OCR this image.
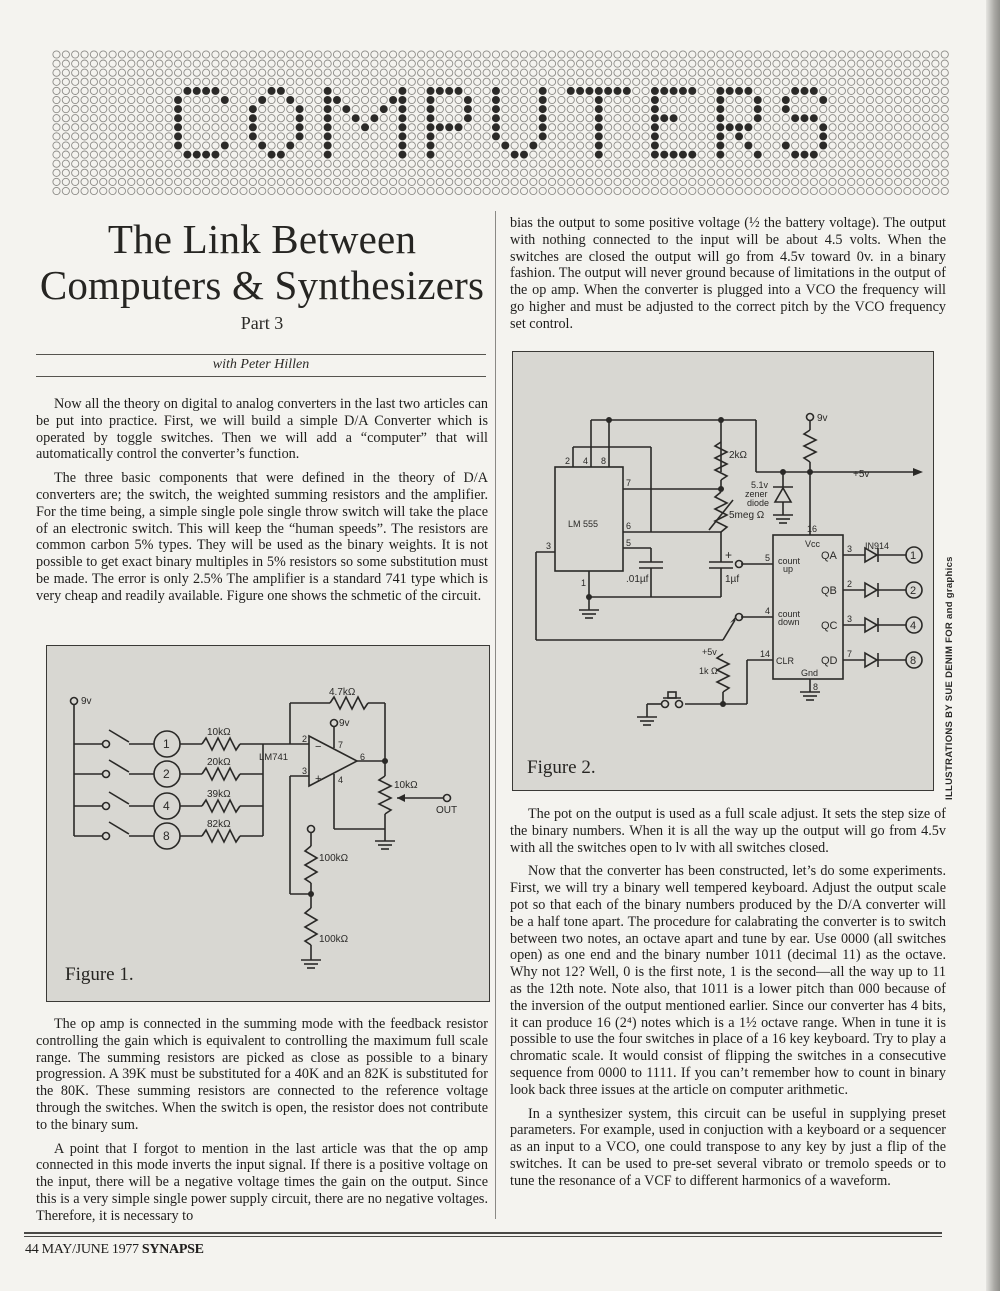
The Link Between
Computers & Synthesizers
Part 3
with Peter Hillen

Now all the theory on digital to analog converters in the last two articles can be put into practice. First, we will build a simple D/A Converter which is operated by toggle switches. Then we will add a “computer” that will automatically control the converter’s function.

The three basic components that were defined in the theory of D/A converters are; the switch, the weighted summing resistors and the amplifier. For the time being, a simple single pole single throw switch will take the place of an electronic switch. This will keep the “human speeds”. The resistors are common carbon 5% types. They will be used as the binary weights. It is not possible to get exact binary multiples in 5% resistors so some substitution must be made. The error is only 2.5% The amplifier is a standard 741 type which is very cheap and readily available. Figure one shows the schmetic of the circuit.

9v
4.7kΩ
9v
LM741
2
3
7
6
4
−
+
10kΩ
OUT
100kΩ
100kΩ
1
10kΩ
2
20kΩ
4
39kΩ
8
82kΩ
Figure 1.

The op amp is connected in the summing mode with the feedback resistor controlling the gain which is equivalent to controlling the maximum full scale range. The summing resistors are picked as close as possible to a binary progression. A 39K must be substituted for a 40K and an 82K is substituted for the 80K. These summing resistors are connected to the reference voltage through the switches. When the switch is open, the resistor does not contribute to the binary sum.

A point that I forgot to mention in the last article was that the op amp connected in this mode inverts the input signal. If there is a positive voltage on the input, there will be a negative voltage times the gain on the output. Since this is a very simple single power supply circuit, there are no negative voltages. Therefore, it is necessary to

bias the output to some positive voltage (½ the battery voltage). The output with nothing connected to the input will be about 4.5 volts. When the switches are closed the output will go from 4.5v toward 0v. in a binary fashion. The output will never ground because of limitations in the output of the op amp. When the converter is plugged into a VCO the frequency will go higher and must be adjusted to the correct pitch by the VCO frequency set control.

LM 555
2 4 8
7
6
5
3
1
2kΩ
5meg Ω
.01µf
+
1µf
9v
+5v
5.1v
zener
diode
16
Vcc
5 count
up
4 count
down
14
CLR
Gnd
8
IN914
+5v
1k Ω
QA
3
1
QB
2
2
QC
3
4
QD
7
8
Figure 2.	ILLUSTRATIONS BY SUE DENIM FOR and graphics

The pot on the output is used as a full scale adjust. It sets the step size of the binary numbers. When it is all the way up the output will go from 4.5v with all the switches open to lv with all switches closed.

Now that the converter has been constructed, let’s do some experiments. First, we will try a binary well tempered keyboard. Adjust the output scale pot so that each of the binary numbers produced by the D/A converter will be a half tone apart. The procedure for calabrating the converter is to switch between two notes, an octave apart and tune by ear. Use 0000 (all switches open) as one end and the binary number 1011 (decimal 11) as the octave. Why not 12? Well, 0 is the first note, 1 is the second—all the way up to 11 as the 12th note. Note also, that 1011 is a lower pitch than 000 because of the inversion of the output mentioned earlier. Since our converter has 4 bits, it can produce 16 (2⁴) notes which is a 1½ octave range. When in tune it is possible to use the four switches in place of a 16 key keyboard. Try to play a chromatic scale. It would consist of flipping the switches in a consecutive sequence from 0000 to 1111. If you can’t remember how to count in binary look back three issues at the article on computer arithmetic.

In a synthesizer system, this circuit can be useful in supplying preset parameters. For example, used in conjuction with a keyboard or a sequencer as an input to a VCO, one could transpose to any key by just a flip of the switches. It can be used to pre-set several vibrato or tremolo speeds or to tune the resonance of a VCF to different harmonics of a waveform.

44 MAY/JUNE 1977 SYNAPSE
